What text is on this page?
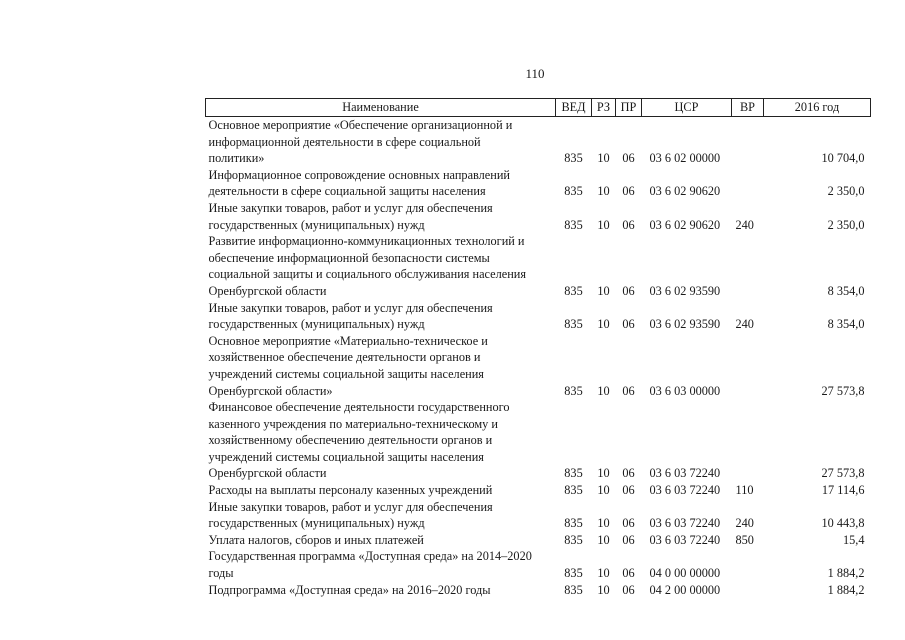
110
Наименование	ВЕД	РЗ	ПР	ЦСР	ВР	2016 год
Основное мероприятие «Обеспечение организационной и
информационной деятельности в сфере социальной
политики»	835	10	06	03 6 02 00000		10 704,0
Информационное сопровождение основных направлений
деятельности в сфере социальной защиты населения	835	10	06	03 6 02 90620		2 350,0
Иные закупки товаров, работ и услуг для обеспечения
государственных (муниципальных) нужд	835	10	06	03 6 02 90620	240	2 350,0
Развитие информационно-коммуникационных технологий и
обеспечение информационной безопасности системы
социальной защиты и социального обслуживания населения
Оренбургской области	835	10	06	03 6 02 93590		8 354,0
Иные закупки товаров, работ и услуг для обеспечения
государственных (муниципальных) нужд	835	10	06	03 6 02 93590	240	8 354,0
Основное мероприятие «Материально-техническое и
хозяйственное обеспечение деятельности органов и
учреждений системы социальной защиты населения
Оренбургской области»	835	10	06	03 6 03 00000		27 573,8
Финансовое обеспечение деятельности государственного
казенного учреждения по материально-техническому и
хозяйственному обеспечению деятельности органов и
учреждений системы социальной защиты населения
Оренбургской области	835	10	06	03 6 03 72240		27 573,8
Расходы на выплаты персоналу казенных учреждений	835	10	06	03 6 03 72240	110	17 114,6
Иные закупки товаров, работ и услуг для обеспечения
государственных (муниципальных) нужд	835	10	06	03 6 03 72240	240	10 443,8
Уплата налогов, сборов и иных платежей	835	10	06	03 6 03 72240	850	15,4
Государственная программа «Доступная среда» на 2014–2020
годы	835	10	06	04 0 00 00000		1 884,2
Подпрограмма «Доступная среда» на 2016–2020 годы	835	10	06	04 2 00 00000		1 884,2
